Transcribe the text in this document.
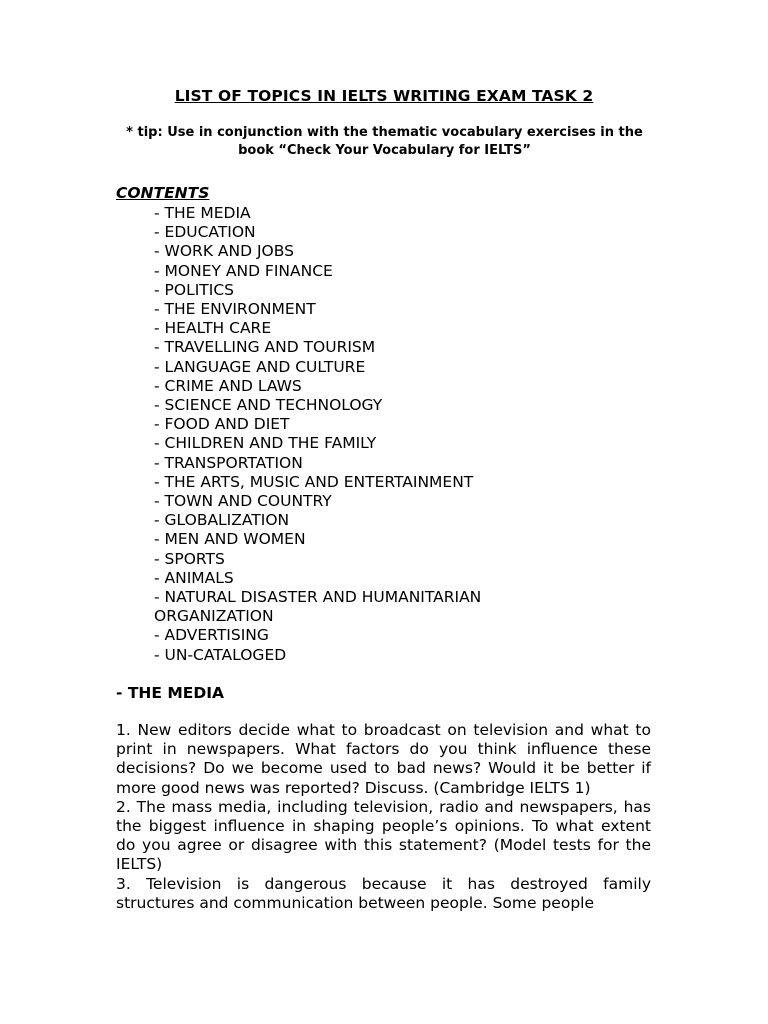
LIST OF TOPICS IN IELTS WRITING EXAM TASK 2
* tip: Use in conjunction with the thematic vocabulary exercises in the book “Check Your Vocabulary for IELTS”
CONTENTS
- THE MEDIA
- EDUCATION
- WORK AND JOBS
- MONEY AND FINANCE
- POLITICS
- THE ENVIRONMENT
- HEALTH CARE
- TRAVELLING AND TOURISM
- LANGUAGE AND CULTURE
- CRIME AND LAWS
- SCIENCE AND TECHNOLOGY
- FOOD AND DIET
- CHILDREN AND THE FAMILY
- TRANSPORTATION
- THE ARTS, MUSIC AND ENTERTAINMENT
- TOWN AND COUNTRY
- GLOBALIZATION
- MEN AND WOMEN
- SPORTS
- ANIMALS
- NATURAL DISASTER AND HUMANITARIAN
ORGANIZATION
- ADVERTISING
- UN-CATALOGED
- THE MEDIA

1. New editors decide what to broadcast on television and what to print in newspapers. What factors do you think influence these decisions? Do we become used to bad news? Would it be better if more good news was reported? Discuss. (Cambridge IELTS 1)

2. The mass media, including television, radio and newspapers, has the biggest influence in shaping people’s opinions. To what extent do you agree or disagree with this statement? (Model tests for the IELTS)

3. Television is dangerous because it has destroyed family structures and communication between people. Some people
